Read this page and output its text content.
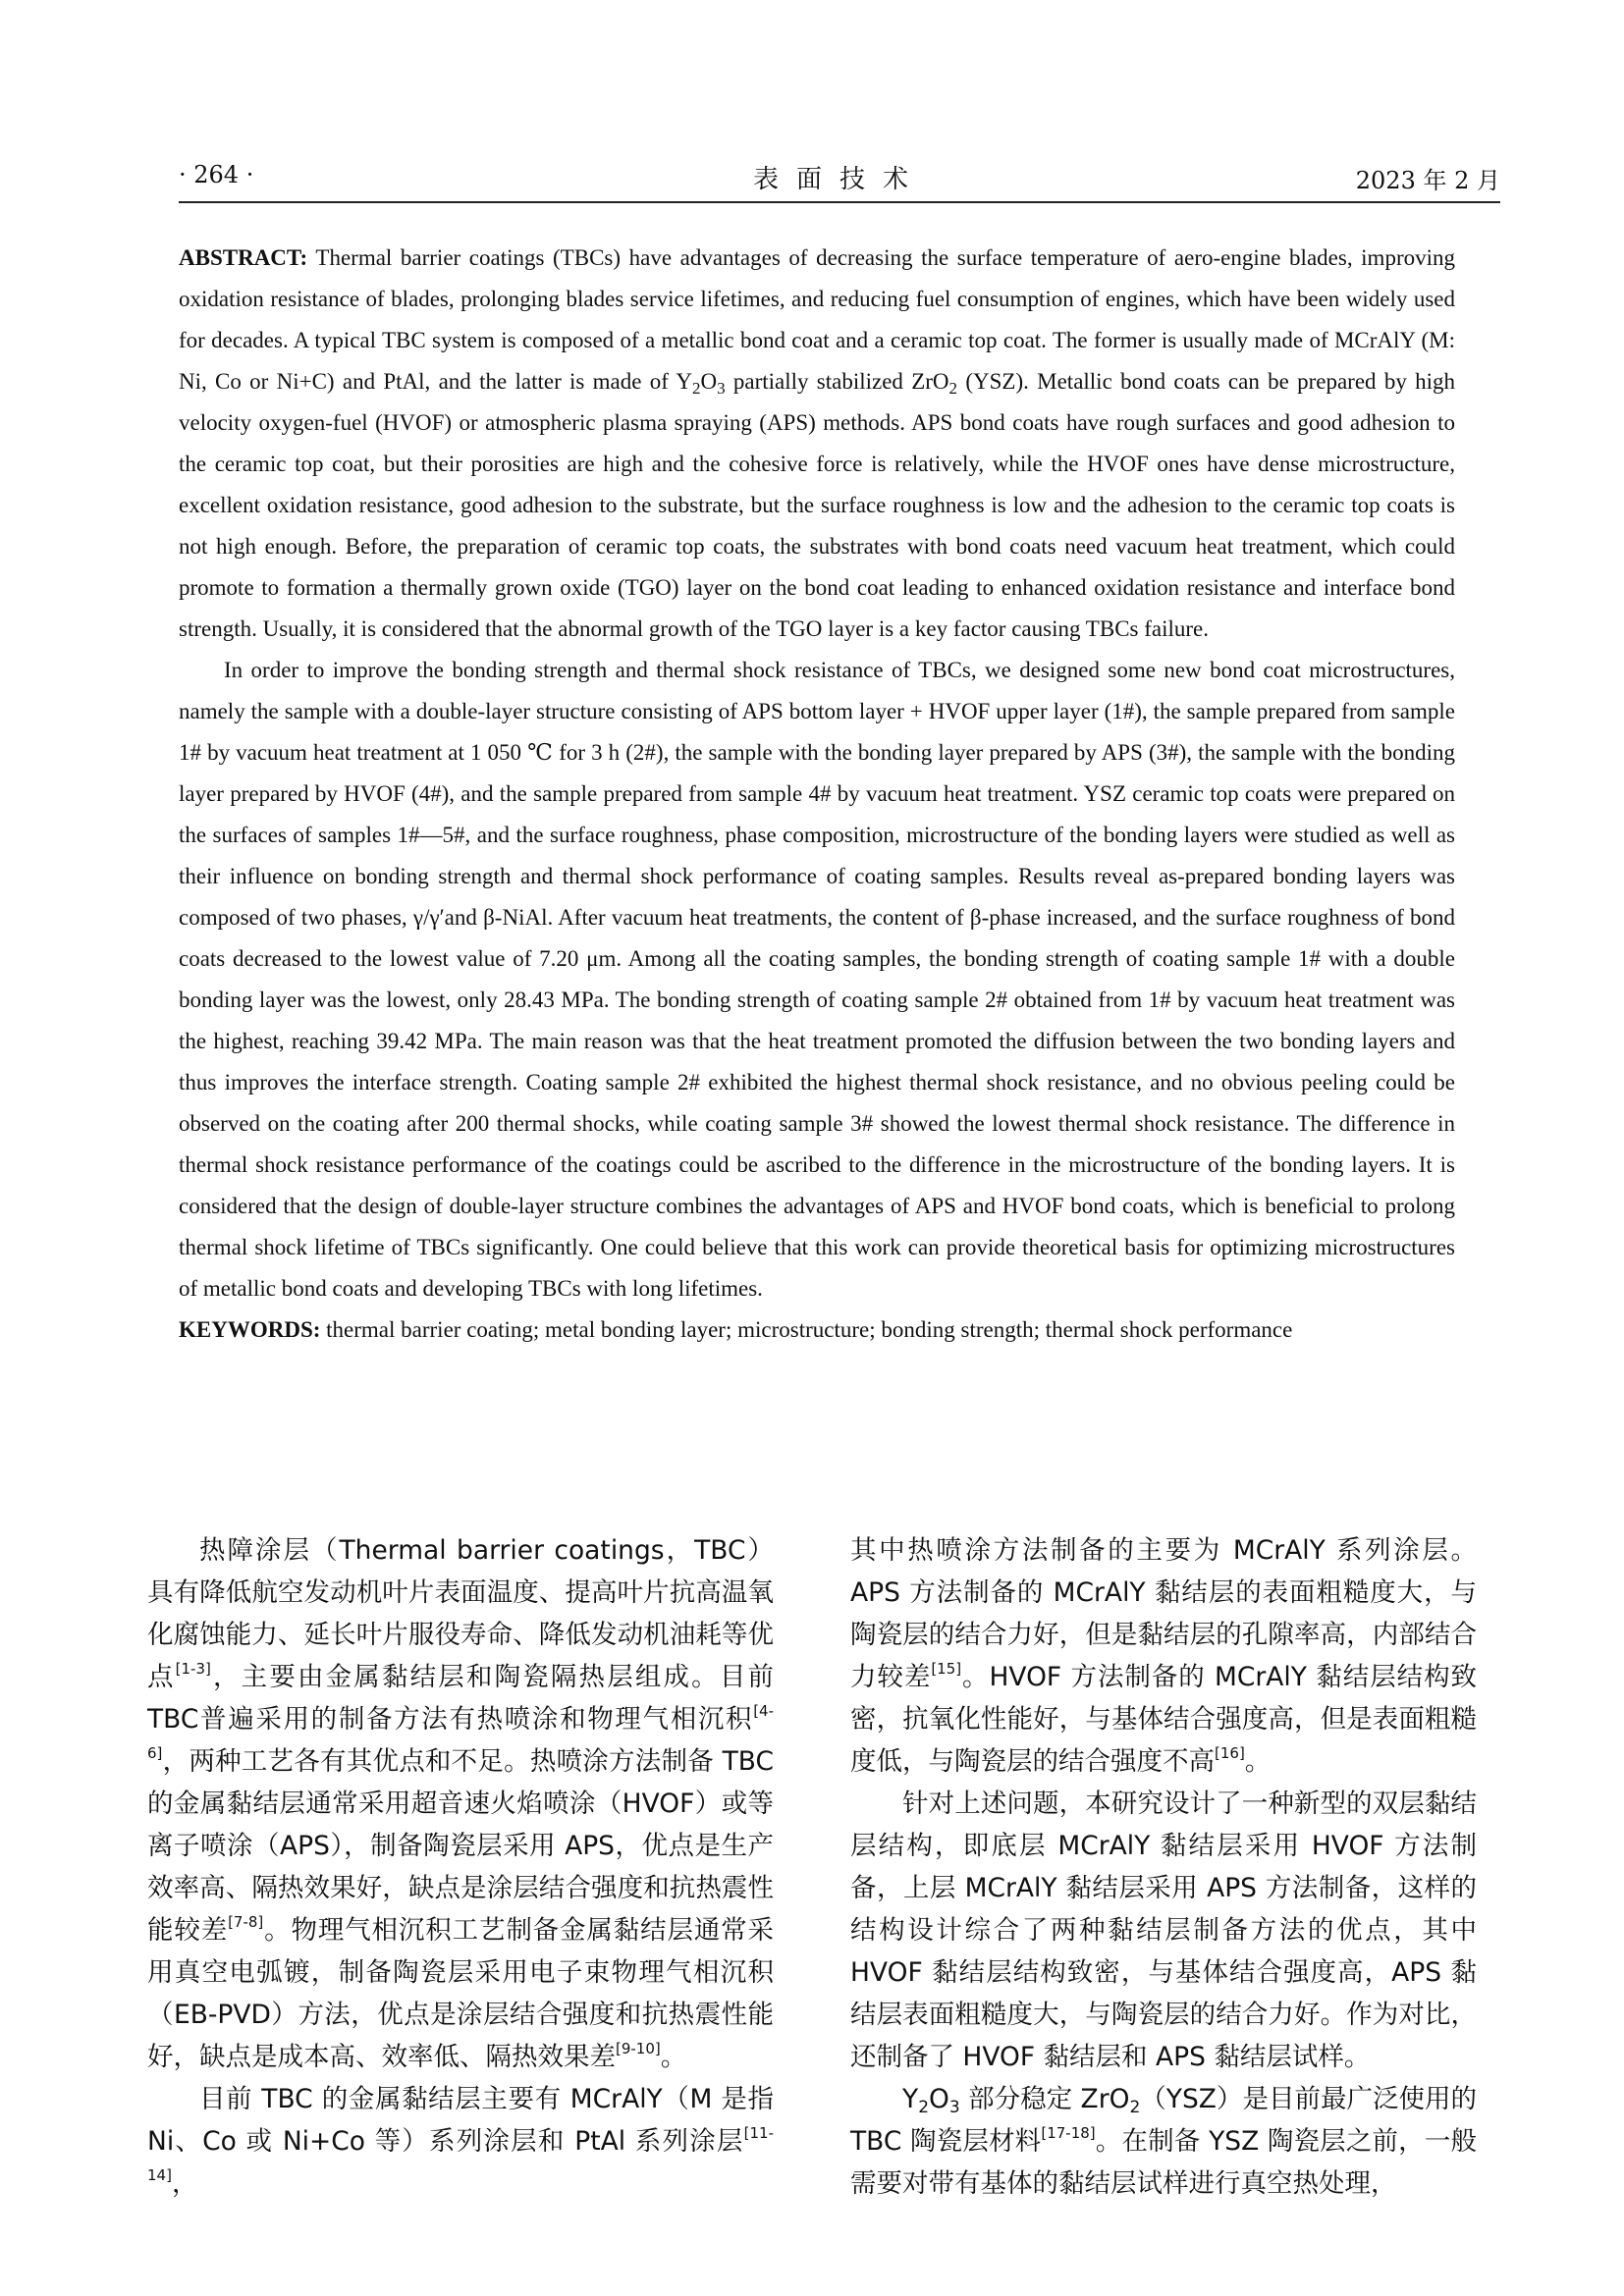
· 264 ·	表面技术	2023 年 2 月

ABSTRACT: Thermal barrier coatings (TBCs) have advantages of decreasing the surface temperature of aero-engine blades, improving oxidation resistance of blades, prolonging blades service lifetimes, and reducing fuel consumption of engines, which have been widely used for decades. A typical TBC system is composed of a metallic bond coat and a ceramic top coat. The former is usually made of MCrAlY (M: Ni, Co or Ni+C) and PtAl, and the latter is made of $Y_2O_3$ partially stabilized ZrO$_2$ (YSZ). Metallic bond coats can be prepared by high velocity oxygen-fuel (HVOF) or atmospheric plasma spraying (APS) methods. APS bond coats have rough surfaces and good adhesion to the ceramic top coat, but their porosities are high and the cohesive force is relatively, while the HVOF ones have dense microstructure, excellent oxidation resistance, good adhesion to the substrate, but the surface roughness is low and the adhesion to the ceramic top coats is not high enough. Before, the preparation of ceramic top coats, the substrates with bond coats need vacuum heat treatment, which could promote to formation a thermally grown oxide (TGO) layer on the bond coat leading to enhanced oxidation resistance and interface bond strength. Usually, it is considered that the abnormal growth of the TGO layer is a key factor causing TBCs failure.

In order to improve the bonding strength and thermal shock resistance of TBCs, we designed some new bond coat microstructures, namely the sample with a double-layer structure consisting of APS bottom layer + HVOF upper layer (1#), the sample prepared from sample 1# by vacuum heat treatment at 1 050 ℃ for 3 h (2#), the sample with the bonding layer prepared by APS (3#), the sample with the bonding layer prepared by HVOF (4#), and the sample prepared from sample 4# by vacuum heat treatment. YSZ ceramic top coats were prepared on the surfaces of samples 1#—5#, and the surface roughness, phase composition, microstructure of the bonding layers were studied as well as their influence on bonding strength and thermal shock performance of coating samples. Results reveal as-prepared bonding layers was composed of two phases, γ/γ′and β-NiAl. After vacuum heat treatments, the content of β-phase increased, and the surface roughness of bond coats decreased to the lowest value of 7.20 μm. Among all the coating samples, the bonding strength of coating sample 1# with a double bonding layer was the lowest, only 28.43 MPa. The bonding strength of coating sample 2# obtained from 1# by vacuum heat treatment was the highest, reaching 39.42 MPa. The main reason was that the heat treatment promoted the diffusion between the two bonding layers and thus improves the interface strength. Coating sample 2# exhibited the highest thermal shock resistance, and no obvious peeling could be observed on the coating after 200 thermal shocks, while coating sample 3# showed the lowest thermal shock resistance. The difference in thermal shock resistance performance of the coatings could be ascribed to the difference in the microstructure of the bonding layers. It is considered that the design of double-layer structure combines the advantages of APS and HVOF bond coats, which is beneficial to prolong thermal shock lifetime of TBCs significantly. One could believe that this work can provide theoretical basis for optimizing microstructures of metallic bond coats and developing TBCs with long lifetimes.

KEYWORDS: thermal barrier coating; metal bonding layer; microstructure; bonding strength; thermal shock performance

热障涂层（Thermal barrier coatings，TBC）具有降低航空发动机叶片表面温度、提高叶片抗高温氧化腐蚀能力、延长叶片服役寿命、降低发动机油耗等优点[1-3]，主要由金属黏结层和陶瓷隔热层组成。目前TBC普遍采用的制备方法有热喷涂和物理气相沉积[4-6]，两种工艺各有其优点和不足。热喷涂方法制备 TBC的金属黏结层通常采用超音速火焰喷涂（HVOF）或等离子喷涂（APS），制备陶瓷层采用 APS，优点是生产效率高、隔热效果好，缺点是涂层结合强度和抗热震性能较差[7-8]。物理气相沉积工艺制备金属黏结层通常采用真空电弧镀，制备陶瓷层采用电子束物理气相沉积（EB-PVD）方法，优点是涂层结合强度和抗热震性能好，缺点是成本高、效率低、隔热效果差[9-10]。

目前 TBC 的金属黏结层主要有 MCrAlY（M 是指 Ni、Co 或 Ni+Co 等）系列涂层和 PtAl 系列涂层[11-14]，

其中热喷涂方法制备的主要为 MCrAlY 系列涂层。APS 方法制备的 MCrAlY 黏结层的表面粗糙度大，与陶瓷层的结合力好，但是黏结层的孔隙率高，内部结合力较差[15]。HVOF 方法制备的 MCrAlY 黏结层结构致密，抗氧化性能好，与基体结合强度高，但是表面粗糙度低，与陶瓷层的结合强度不高[16]。

针对上述问题，本研究设计了一种新型的双层黏结层结构，即底层 MCrAlY 黏结层采用 HVOF 方法制备，上层 MCrAlY 黏结层采用 APS 方法制备，这样的结构设计综合了两种黏结层制备方法的优点，其中 HVOF 黏结层结构致密，与基体结合强度高，APS 黏结层表面粗糙度大，与陶瓷层的结合力好。作为对比，还制备了 HVOF 黏结层和 APS 黏结层试样。

$Y_2O_3$ 部分稳定 ZrO$_2$（YSZ）是目前最广泛使用的 TBC 陶瓷层材料[17-18]。在制备 YSZ 陶瓷层之前，一般需要对带有基体的黏结层试样进行真空热处理，
